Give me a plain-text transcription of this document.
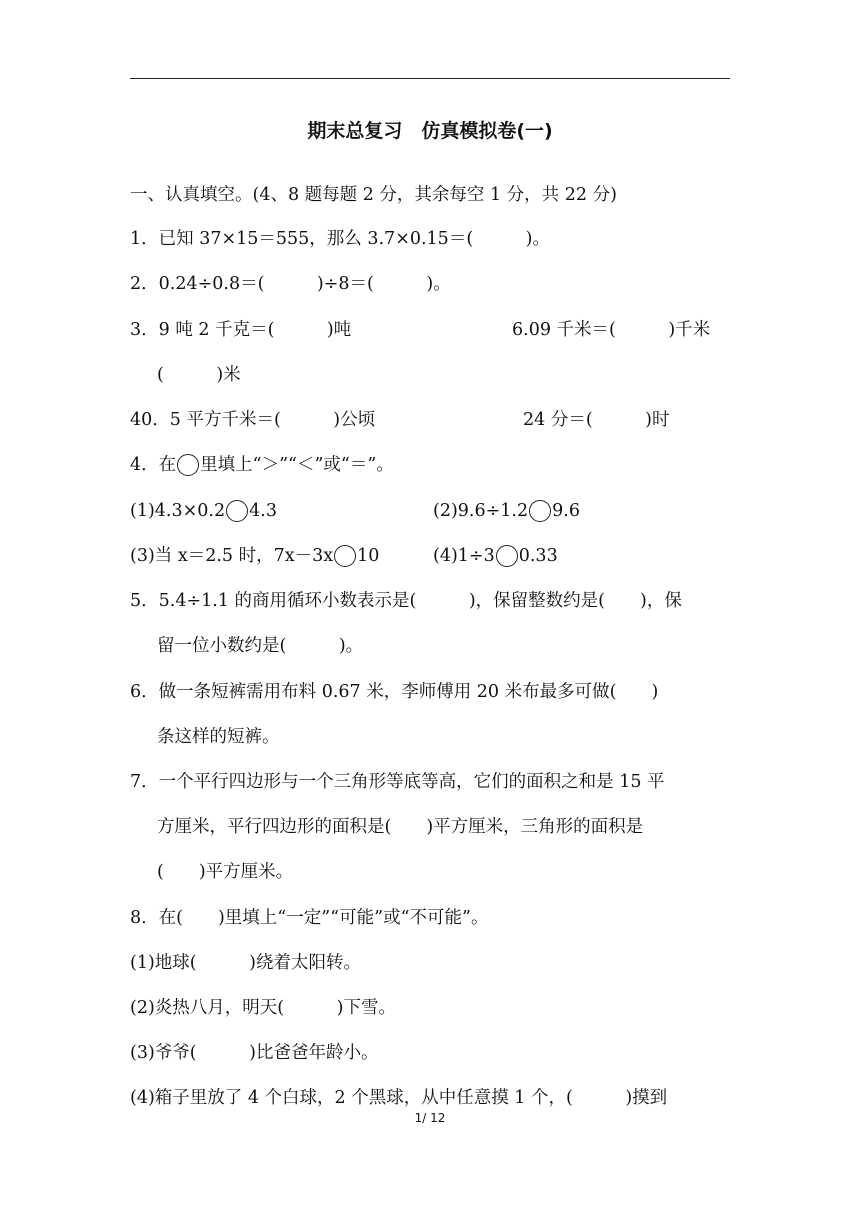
期末总复习　仿真模拟卷(一)
一、认真填空。(4、8 题每题 2 分，其余每空 1 分，共 22 分)
1．已知 37×15＝555，那么 3.7×0.15＝(　　　)。
2．0.24÷0.8＝(　　　)÷8＝(　　　)。
3．9 吨 2 千克＝(　　　)吨	6.09 千米＝(　　　)千米
(　　　)米
40．5 平方千米＝(　　　)公顷	24 分＝(　　　)时
4．在 里填上“＞”“＜”或“＝”。
(1)4.3×0.2 4.3	(2)9.6÷1.2 9.6
(3)当 x＝2.5 时，7x－3x 10	(4)1÷3 0.33
5．5.4÷1.1 的商用循环小数表示是(　　　)，保留整数约是(　　)，保
留一位小数约是(　　　)。
6．做一条短裤需用布料 0.67 米，李师傅用 20 米布最多可做(　　)
条这样的短裤。
7．一个平行四边形与一个三角形等底等高，它们的面积之和是 15 平
方厘米，平行四边形的面积是(　　)平方厘米，三角形的面积是
(　　)平方厘米。
8．在(　　)里填上“一定”“可能”或“不可能”。
(1)地球(　　　)绕着太阳转。
(2)炎热八月，明天(　　　)下雪。
(3)爷爷(　　　)比爸爸年龄小。
(4)箱子里放了 4 个白球，2 个黑球，从中任意摸 1 个，(　　　)摸到
1/ 12
